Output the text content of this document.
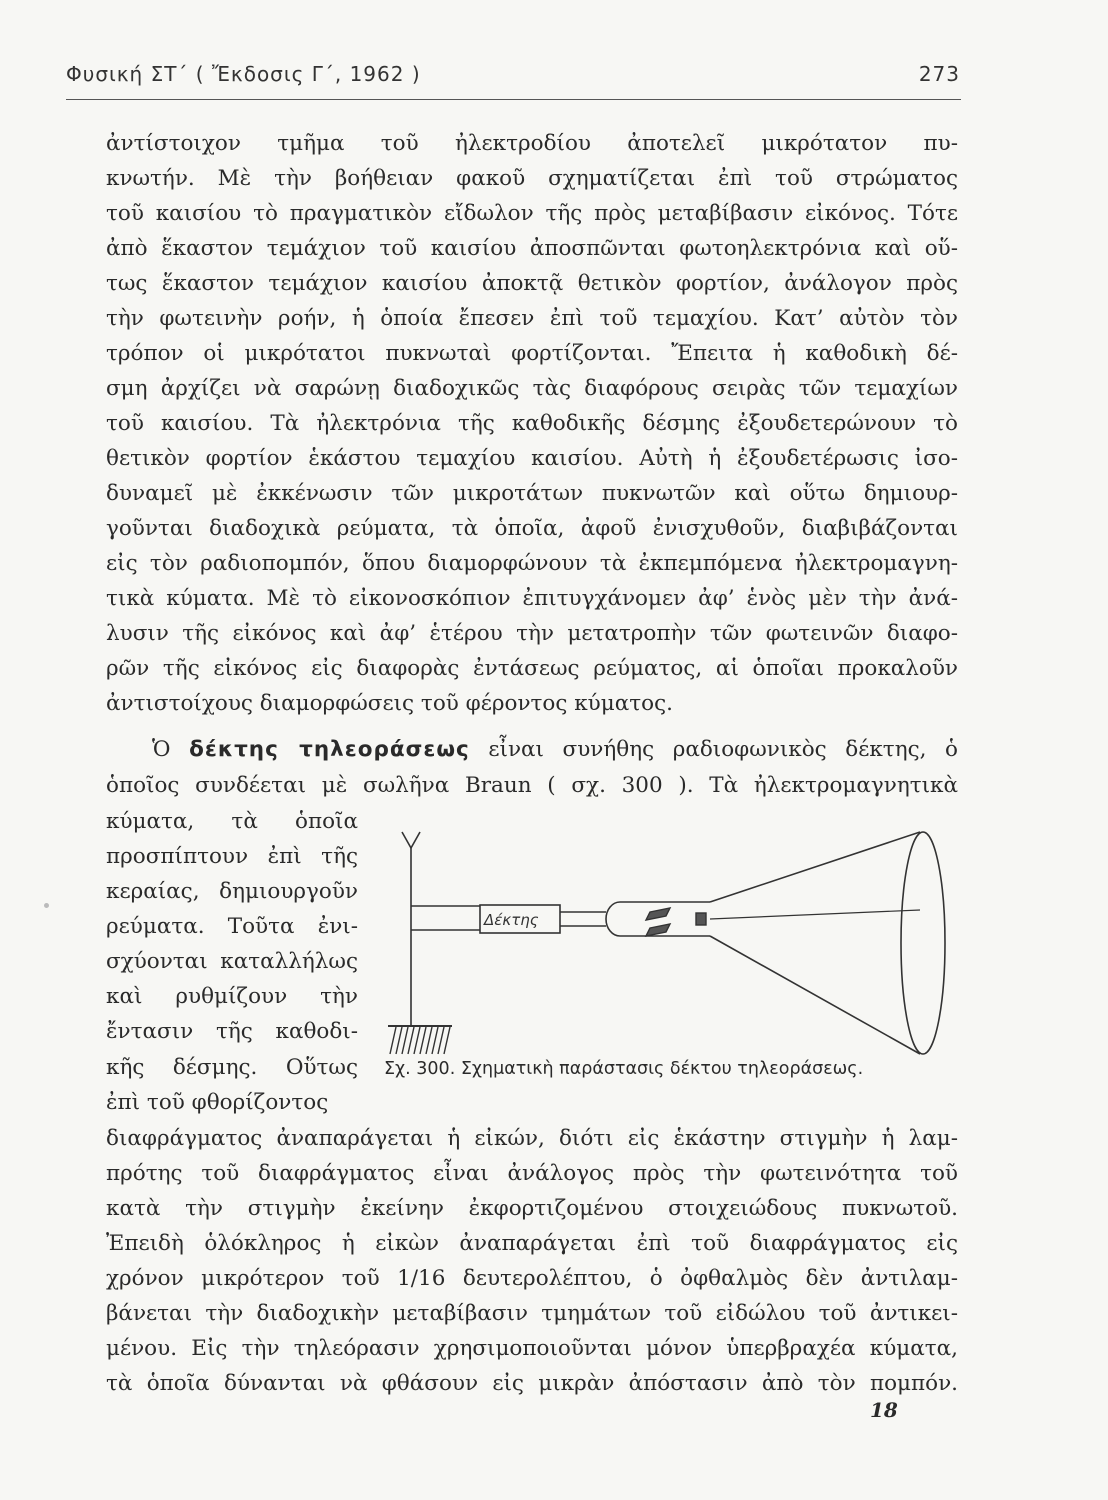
Φυσική ΣΤ΄ ( Ἔκδοσις Γ΄, 1962 )	273
ἀντίστοιχον τμῆμα τοῦ ἠλεκτροδίου ἀποτελεῖ μικρότατον πυ-
κνωτήν. Μὲ τὴν βοήθειαν φακοῦ σχηματίζεται ἐπὶ τοῦ στρώματος
τοῦ καισίου τὸ πραγματικὸν εἴδωλον τῆς πρὸς μεταβίβασιν εἰκόνος. Τότε
ἀπὸ ἕκαστον τεμάχιον τοῦ καισίου ἀποσπῶνται φωτοηλεκτρόνια καὶ οὕ-
τως ἕκαστον τεμάχιον καισίου ἀποκτᾷ θετικὸν φορτίον, ἀνάλογον πρὸς
τὴν φωτεινὴν ροήν, ἡ ὁποία ἔπεσεν ἐπὶ τοῦ τεμαχίου. Κατ’ αὐτὸν τὸν
τρόπον οἱ μικρότατοι πυκνωταὶ φορτίζονται. Ἔπειτα ἡ καθοδικὴ δέ-
σμη ἀρχίζει νὰ σαρώνῃ διαδοχικῶς τὰς διαφόρους σειρὰς τῶν τεμαχίων
τοῦ καισίου. Τὰ ἠλεκτρόνια τῆς καθοδικῆς δέσμης ἐξουδετερώνουν τὸ
θετικὸν φορτίον ἑκάστου τεμαχίου καισίου. Αὐτὴ ἡ ἐξουδετέρωσις ἰσο-
δυναμεῖ μὲ ἐκκένωσιν τῶν μικροτάτων πυκνωτῶν καὶ οὕτω δημιουρ-
γοῦνται διαδοχικὰ ρεύματα, τὰ ὁποῖα, ἀφοῦ ἐνισχυθοῦν, διαβιβάζονται
εἰς τὸν ραδιοπομπόν, ὅπου διαμορφώνουν τὰ ἐκπεμπόμενα ἠλεκτρομαγνη-
τικὰ κύματα. Μὲ τὸ εἰκονοσκόπιον ἐπιτυγχάνομεν ἀφ’ ἑνὸς μὲν τὴν ἀνά-
λυσιν τῆς εἰκόνος καὶ ἀφ’ ἑτέρου τὴν μετατροπὴν τῶν φωτεινῶν διαφο-
ρῶν τῆς εἰκόνος εἰς διαφορὰς ἐντάσεως ρεύματος, αἱ ὁποῖαι προκαλοῦν
ἀντιστοίχους διαμορφώσεις τοῦ φέροντος κύματος.
Ὁ δέκτης τηλεοράσεως εἶναι συνήθης ραδιοφωνικὸς δέκτης, ὁ
ὁποῖος συνδέεται μὲ σωλῆνα Braun ( σχ. 300 ). Τὰ ἠλεκτρομαγνητικὰ
κύματα, τὰ ὁποῖα
προσπίπτουν ἐπὶ τῆς
κεραίας, δημιουργοῦν
ρεύματα. Τοῦτα ἐνι-
σχύονται καταλλήλως
καὶ ρυθμίζουν τὴν
ἔντασιν τῆς καθοδι-
κῆς δέσμης. Οὕτως
ἐπὶ τοῦ φθορίζοντος
Δέκτης
Σχ. 300. Σχηματικὴ παράστασις δέκτου τηλεοράσεως.
διαφράγματος ἀναπαράγεται ἡ εἰκών, διότι εἰς ἑκάστην στιγμὴν ἡ λαμ-
πρότης τοῦ διαφράγματος εἶναι ἀνάλογος πρὸς τὴν φωτεινότητα τοῦ
κατὰ τὴν στιγμὴν ἐκείνην ἐκφορτιζομένου στοιχειώδους πυκνωτοῦ.
Ἐπειδὴ ὁλόκληρος ἡ εἰκὼν ἀναπαράγεται ἐπὶ τοῦ διαφράγματος εἰς
χρόνον μικρότερον τοῦ 1/16 δευτερολέπτου, ὁ ὀφθαλμὸς δὲν ἀντιλαμ-
βάνεται τὴν διαδοχικὴν μεταβίβασιν τμημάτων τοῦ εἰδώλου τοῦ ἀντικει-
μένου. Εἰς τὴν τηλεόρασιν χρησιμοποιοῦνται μόνον ὑπερβραχέα κύματα,
τὰ ὁποῖα δύνανται νὰ φθάσουν εἰς μικρὰν ἀπόστασιν ἀπὸ τὸν πομπόν.
18
